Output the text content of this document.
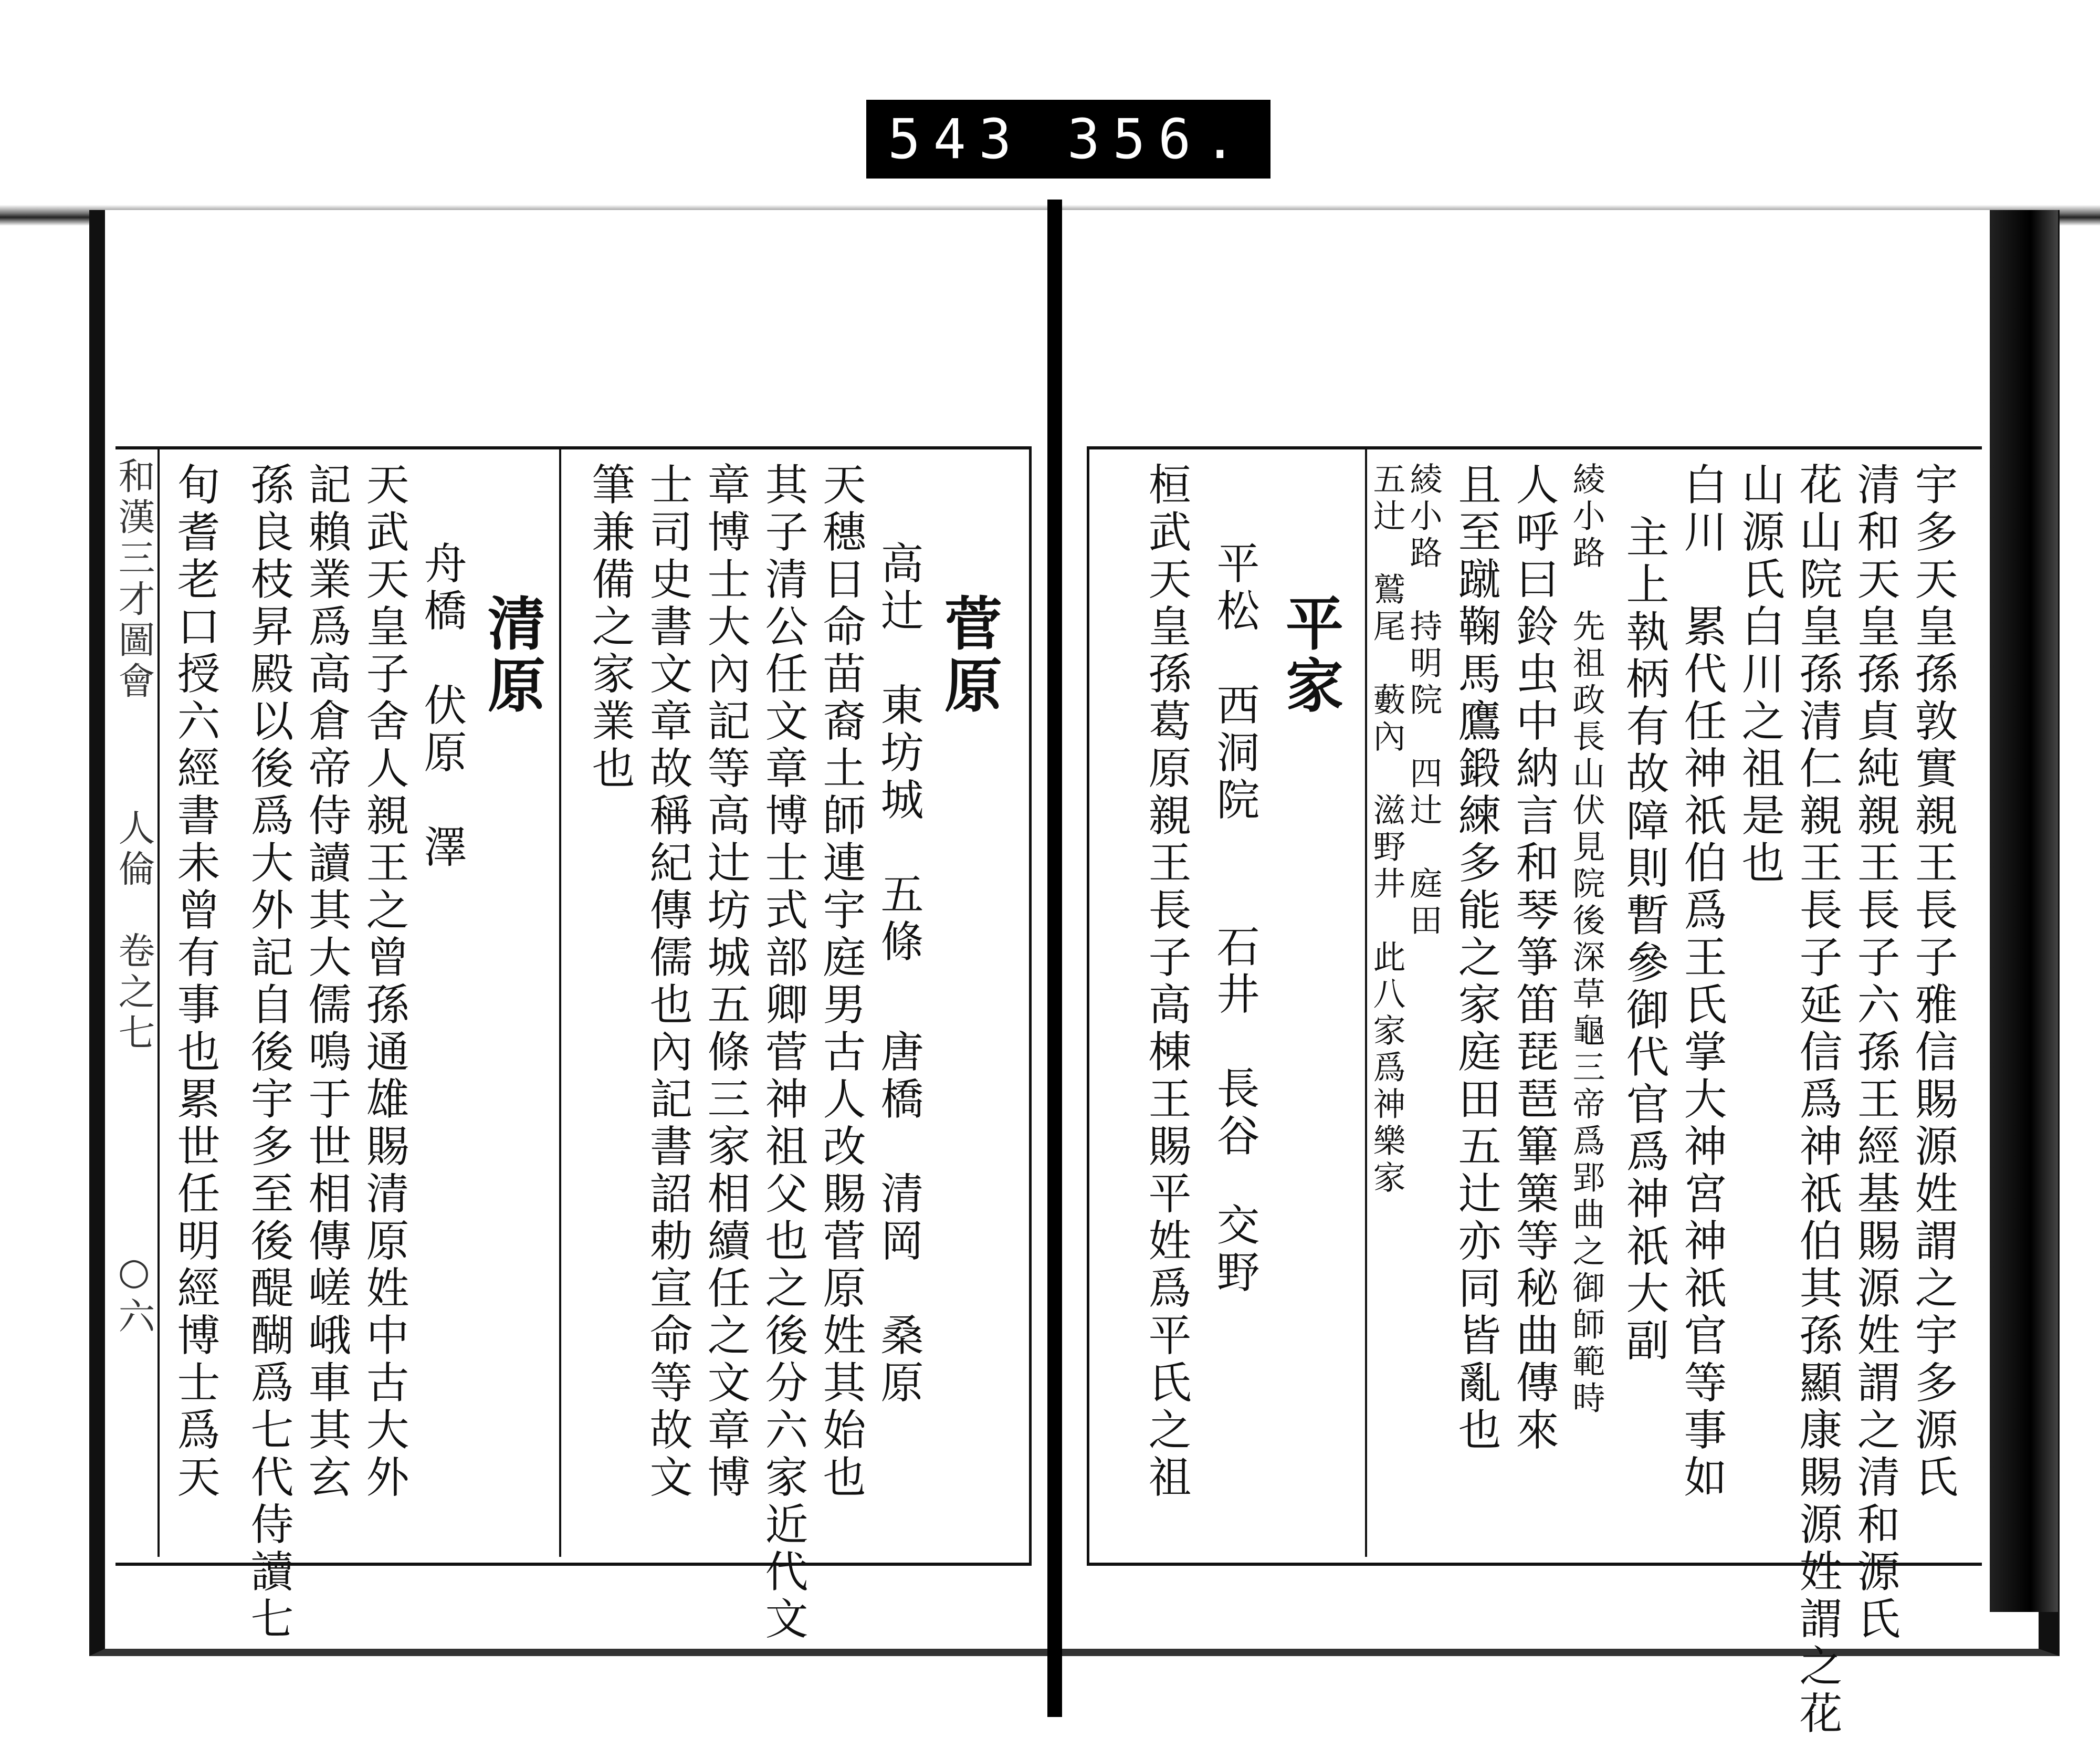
543 356.
和漢三才圖會
人倫　卷之七
○六
菅原
高辻　東坊城　五條
唐橋　清岡　桑原
天穗日命苗裔土師連宇庭男古人改賜菅原姓其始也
其子清公任文章博士式部卿菅神祖父也之後分六家近代文
章博士大內記等高辻坊城五條三家相續任之文章博
士司史書文章故稱紀傳儒也內記書詔勅宣命等故文
筆兼備之家業也
清原
舟橋　伏原　澤
天武天皇子舍人親王之曾孫通雄賜清原姓中古大外
記賴業爲高倉帝侍讀其大儒鳴于世相傳嵯峨車其玄
孫良枝昇殿以後爲大外記自後宇多至後醍醐爲七代侍讀七
旬耆老口授六經書未曾有事也累世任明經博士爲天	平家
平松　西洞院
石井　長谷
交野
桓武天皇孫葛原親王長子高棟王賜平姓爲平氏之祖	宇多天皇孫敦實親王長子雅信賜源姓謂之宇多源氏
清和天皇孫貞純親王長子六孫王經基賜源姓謂之清和源氏
花山院皇孫清仁親王長子延信爲神祇伯其孫顯康賜源姓謂之花
山源氏白川之祖是也
白川　累代任神祇伯爲王氏掌大神宮神祇官等事如
主上執柄有故障則暫參御代官爲神祇大副
綾小路　先祖政長山伏見院後深草龜三帝爲郢曲之御師範時
人呼曰鈴虫中納言和琴箏笛琵琶篳篥等秘曲傳來
且至蹴鞠馬鷹鍛練多能之家庭田五辻亦同皆亂也
綾小路　持明院　四辻　庭田
五辻　鷲尾　藪內　滋野井　此八家爲神樂家
